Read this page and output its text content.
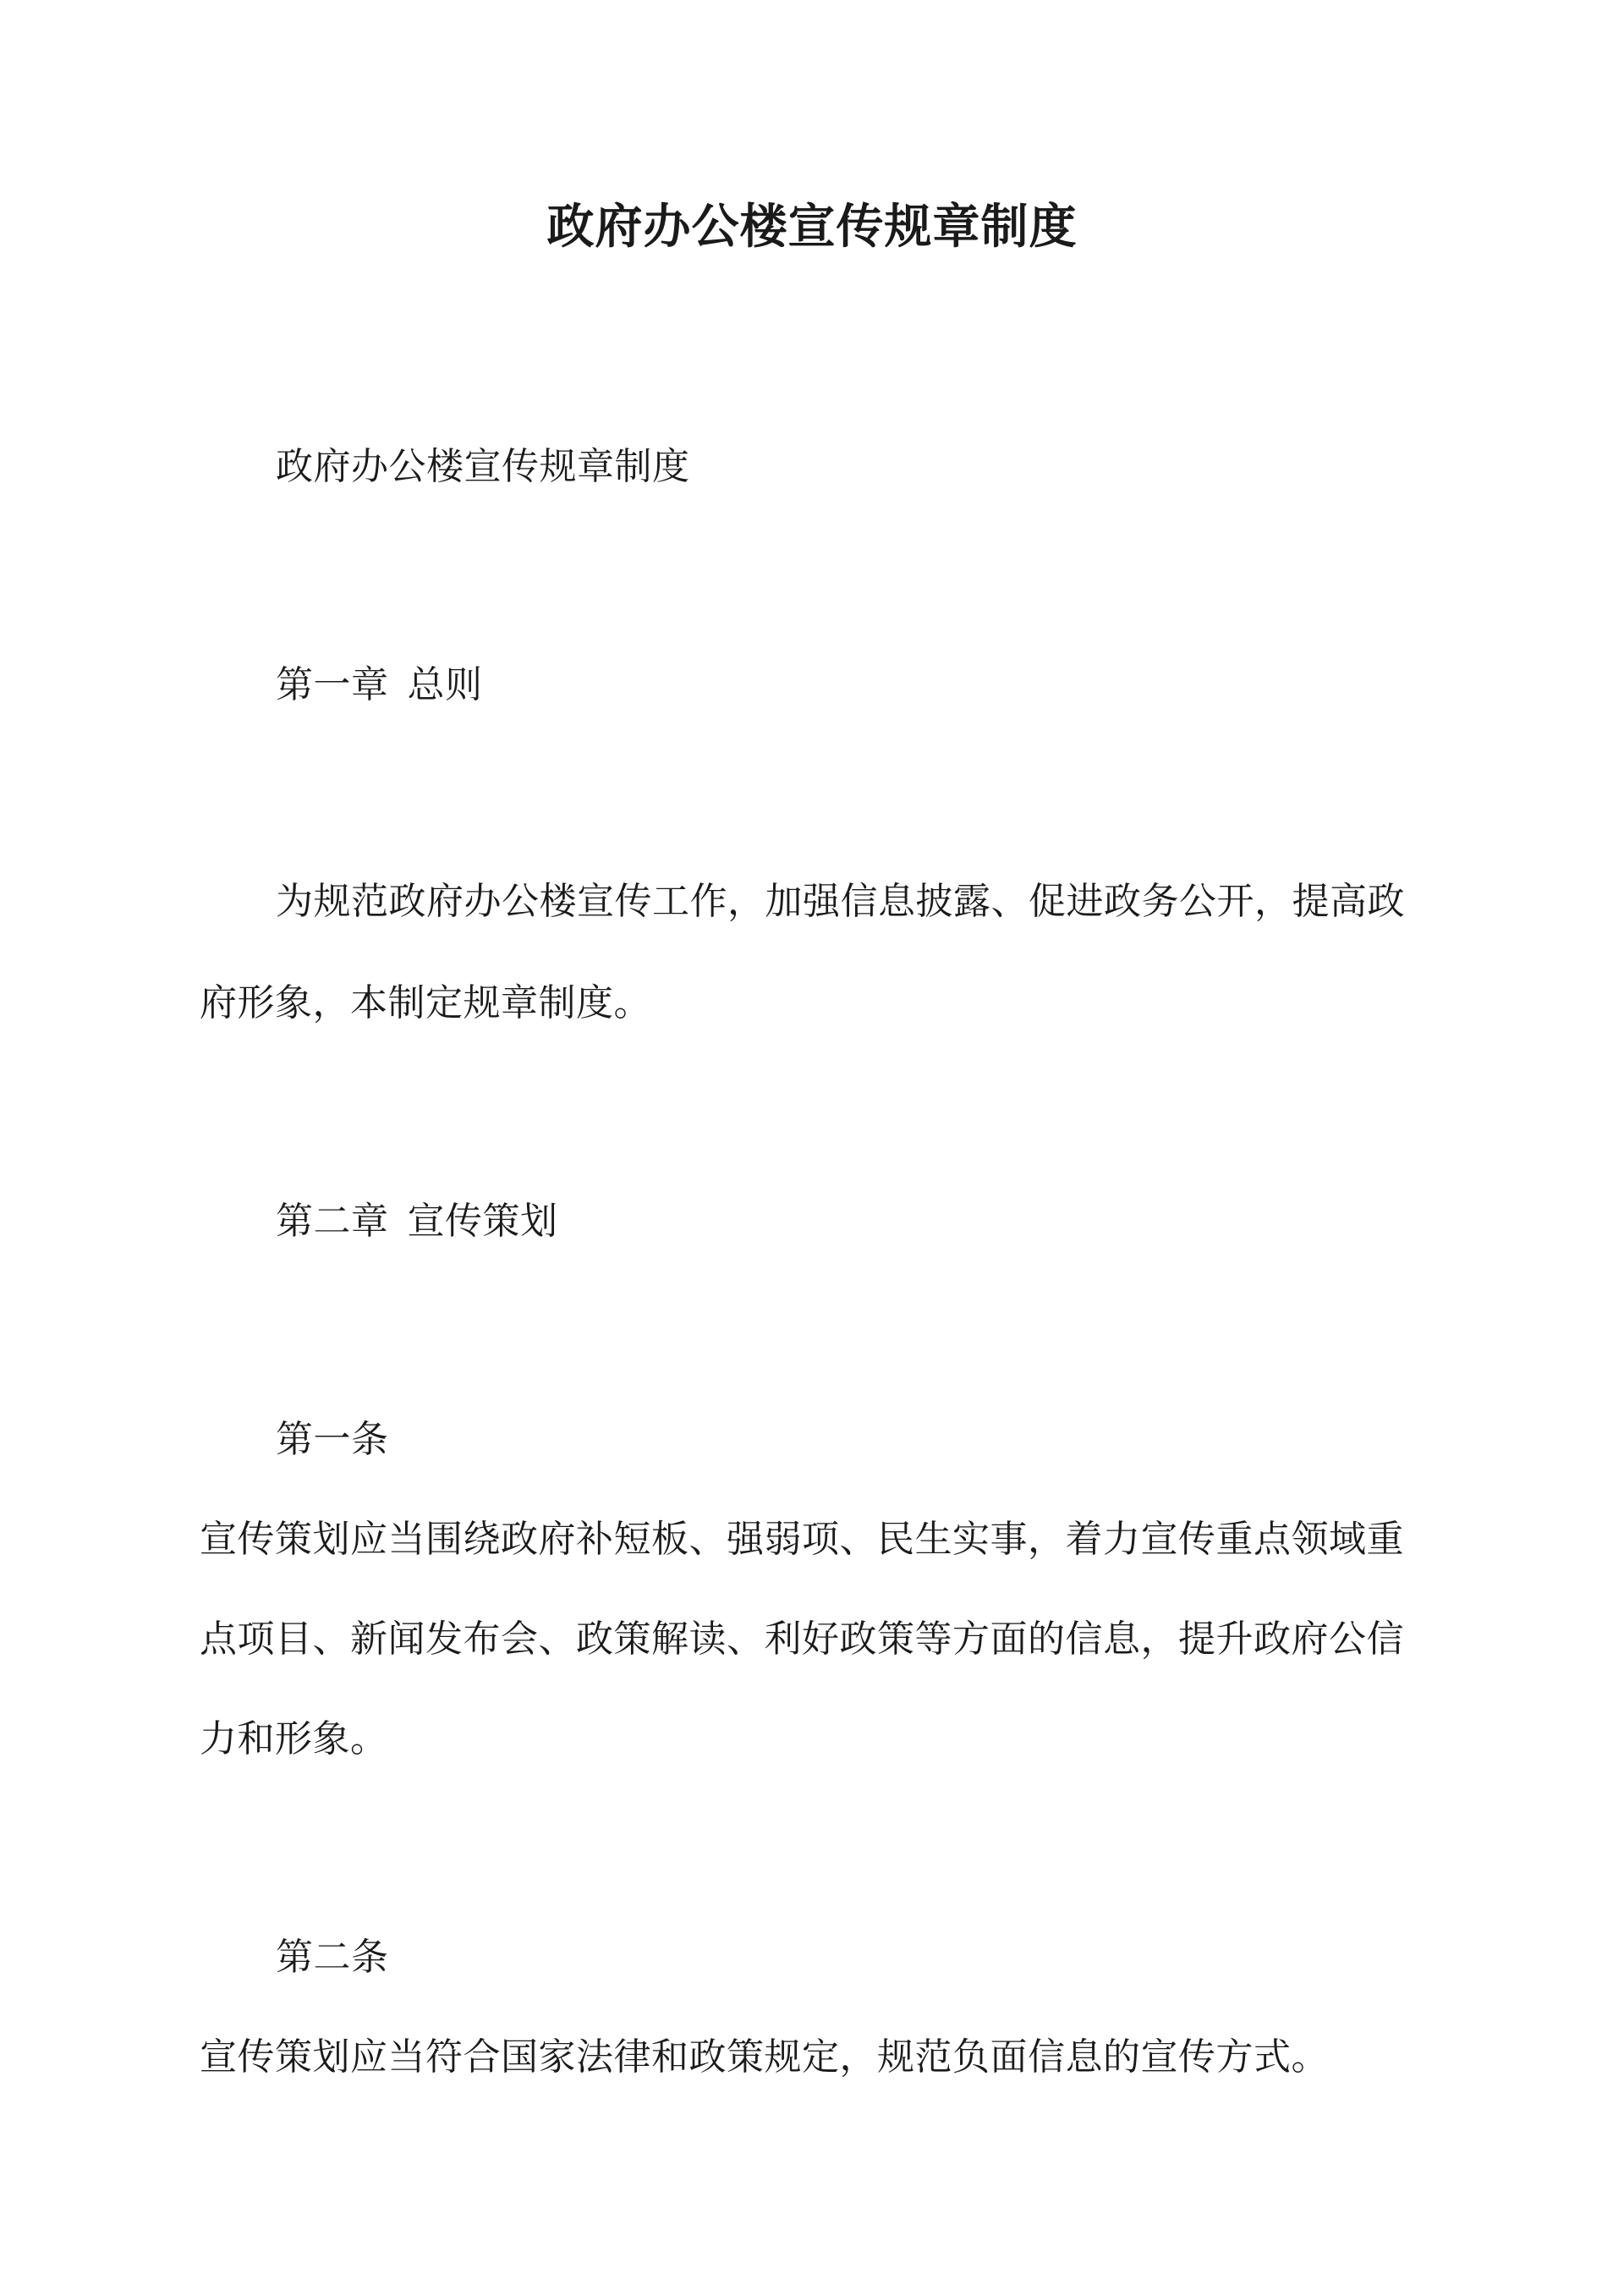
政府办公楼宣传规章制度
政府办公楼宣传规章制度
第一章 总则
为规范政府办公楼宣传工作，加强信息披露、促进政务公开，提高政
府形象，本制定规章制度。
第二章 宣传策划
第一条
宣传策划应当围绕政府补短板、强弱项、民生实事，着力宣传重点领域重
点项目、新闻发布会、政策解读、利好政策等方面的信息，提升政府公信
力和形象。
第二条
宣传策划应当符合国家法律和政策规定，规范负面信息的宣传方式。
